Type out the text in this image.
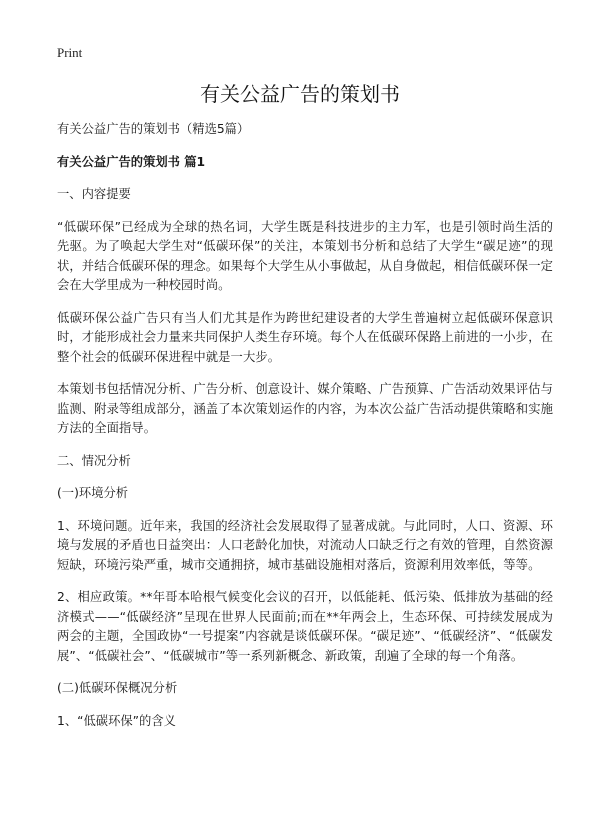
Print
有关公益广告的策划书

有关公益广告的策划书（精选5篇）

有关公益广告的策划书 篇1

一、内容提要

“低碳环保”已经成为全球的热名词，大学生既是科技进步的主力军，也是引领时尚生活的先驱。为了唤起大学生对“低碳环保”的关注，本策划书分析和总结了大学生“碳足迹”的现状，并结合低碳环保的理念。如果每个大学生从小事做起，从自身做起，相信低碳环保一定会在大学里成为一种校园时尚。

低碳环保公益广告只有当人们尤其是作为跨世纪建设者的大学生普遍树立起低碳环保意识时，才能形成社会力量来共同保护人类生存环境。每个人在低碳环保路上前进的一小步，在整个社会的低碳环保进程中就是一大步。

本策划书包括情况分析、广告分析、创意设计、媒介策略、广告预算、广告活动效果评估与监测、附录等组成部分，涵盖了本次策划运作的内容，为本次公益广告活动提供策略和实施方法的全面指导。

二、情况分析

(一)环境分析

1、环境问题。近年来，我国的经济社会发展取得了显著成就。与此同时，人口、资源、环境与发展的矛盾也日益突出：人口老龄化加快，对流动人口缺乏行之有效的管理，自然资源短缺，环境污染严重，城市交通拥挤，城市基础设施相对落后，资源利用效率低，等等。

2、相应政策。**年哥本哈根气候变化会议的召开，以低能耗、低污染、低排放为基础的经济模式——“低碳经济”呈现在世界人民面前;而在**年两会上，生态环保、可持续发展成为两会的主题，全国政协“一号提案”内容就是谈低碳环保。“碳足迹”、“低碳经济”、“低碳发展”、“低碳社会”、“低碳城市”等一系列新概念、新政策，刮遍了全球的每一个角落。

(二)低碳环保概况分析

1、“低碳环保”的含义
